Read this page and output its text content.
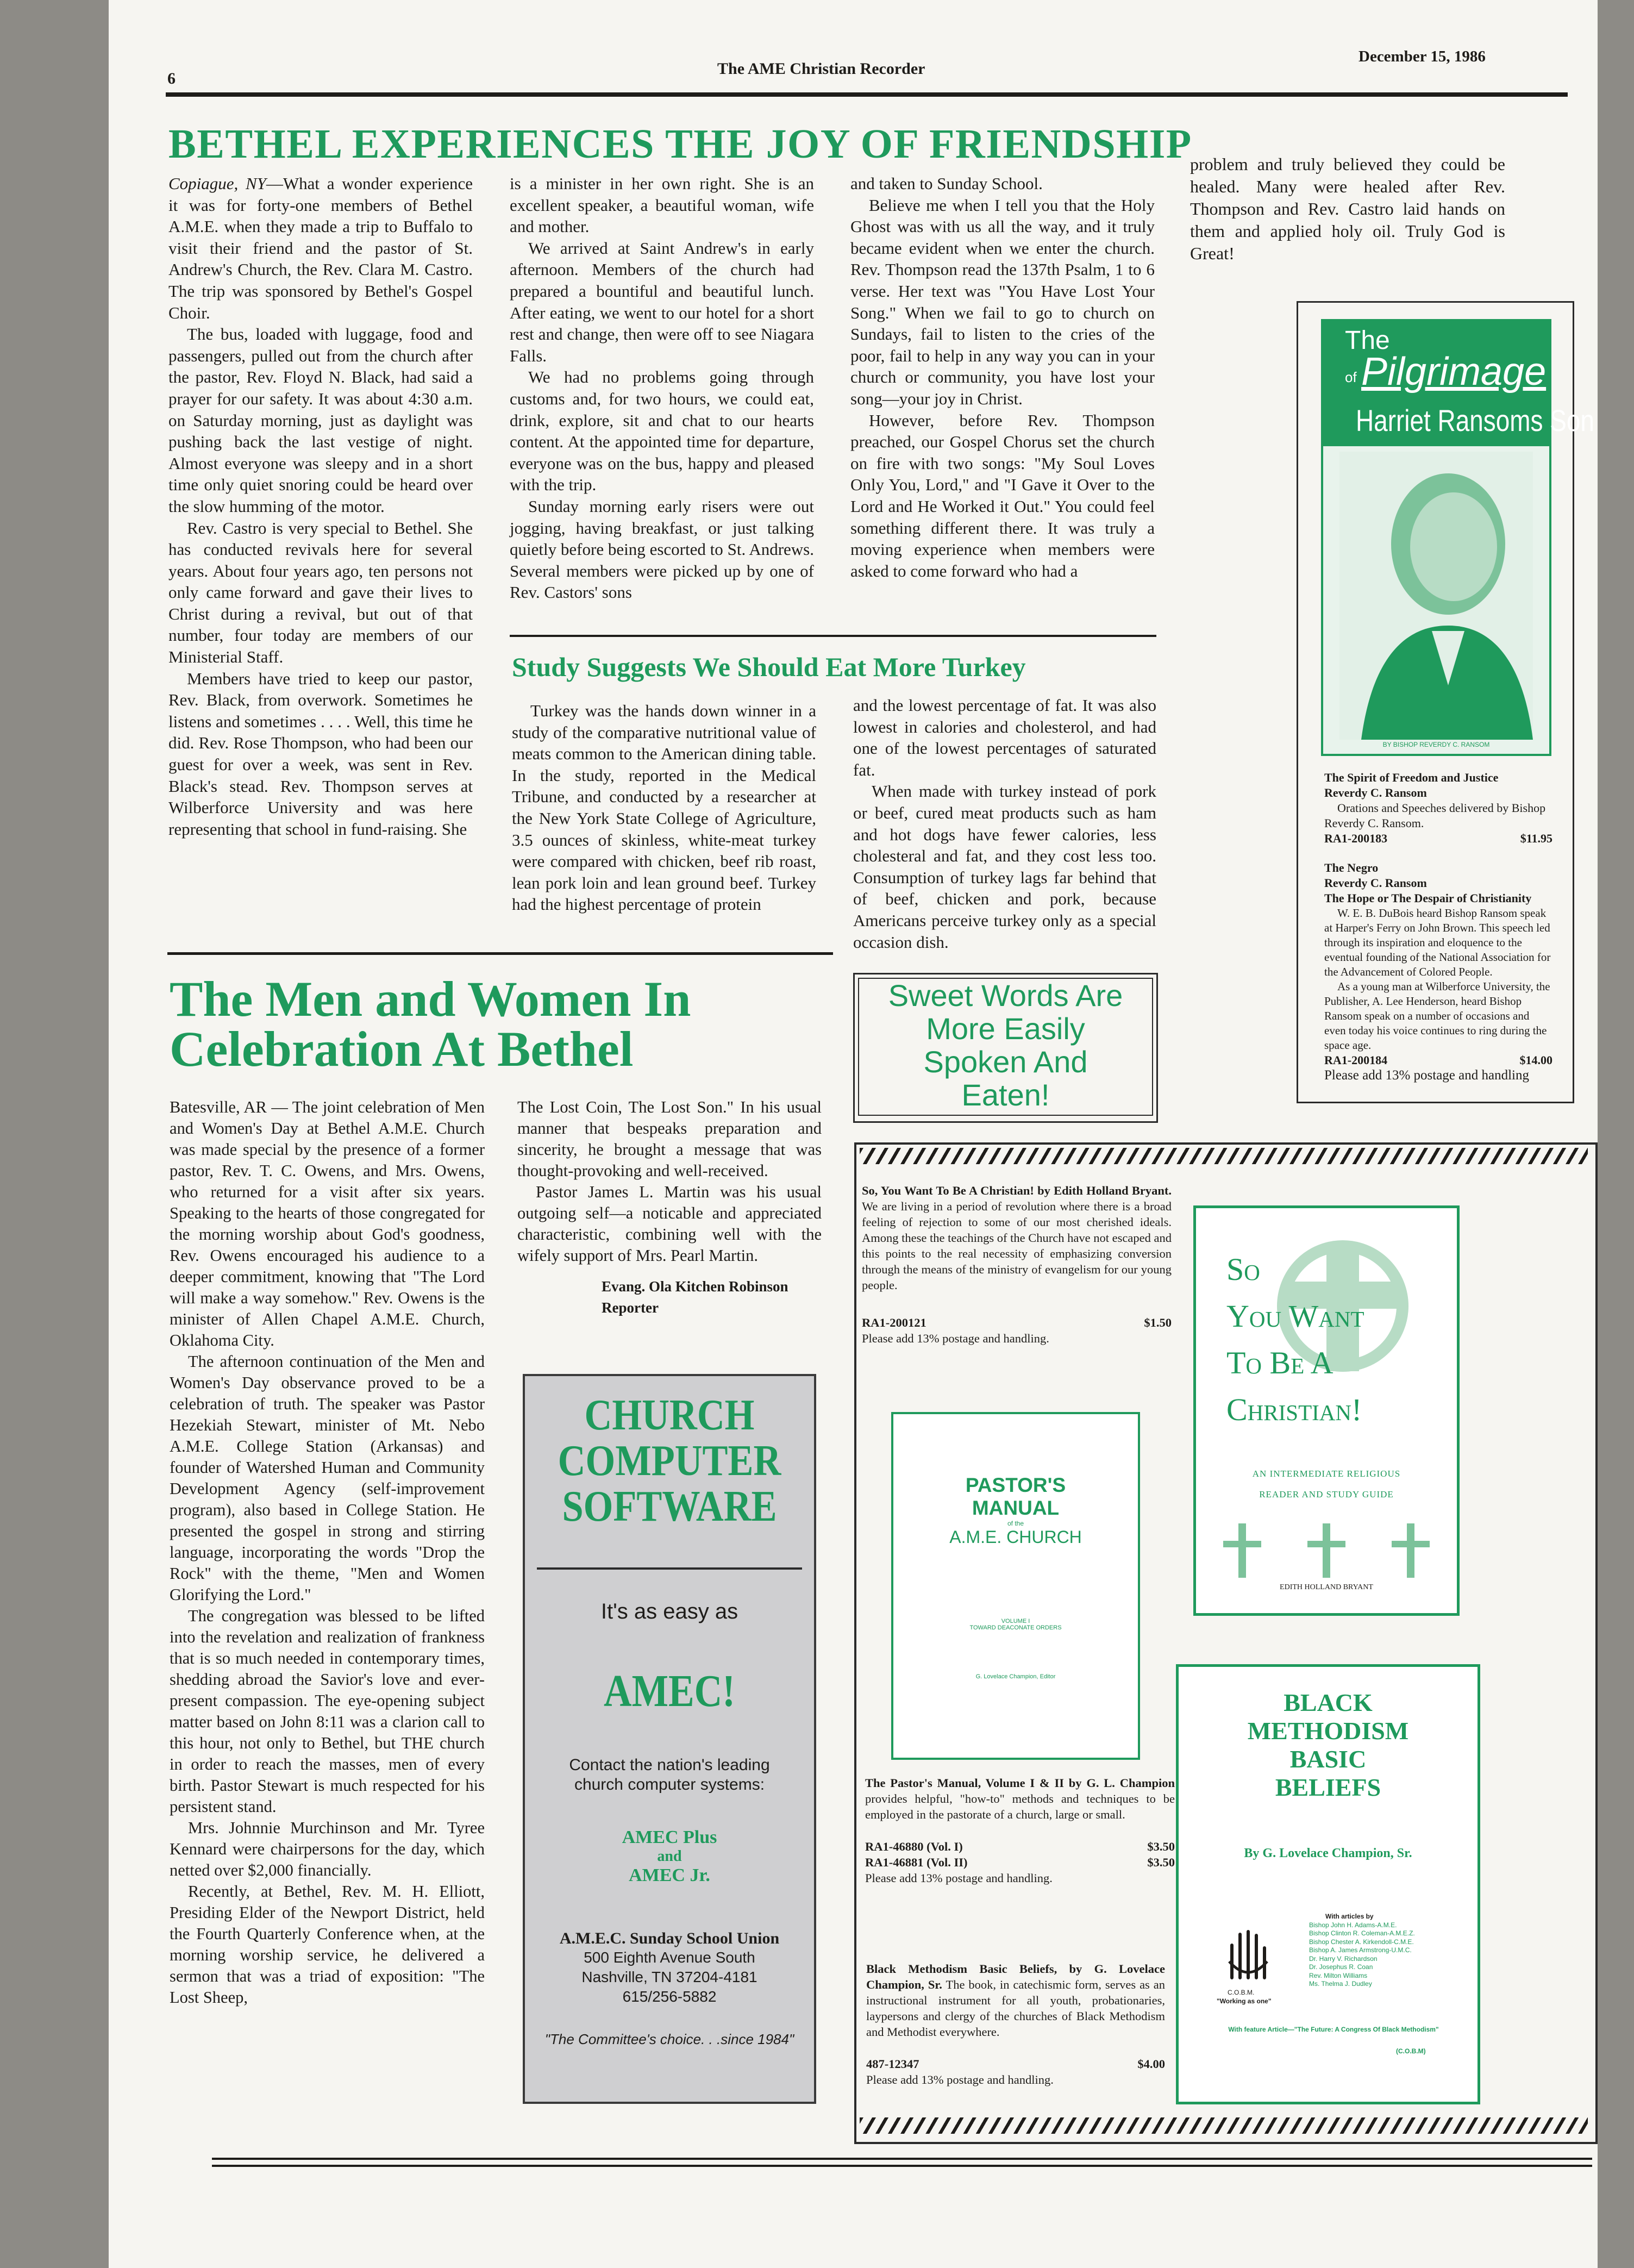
6
The AME Christian Recorder
December 15, 1986
BETHEL EXPERIENCES THE JOY OF FRIENDSHIP

Copiague, NY—What a wonder experience it was for forty-one members of Bethel A.M.E. when they made a trip to Buffalo to visit their friend and the pastor of St. Andrew's Church, the Rev. Clara M. Castro. The trip was sponsored by Bethel's Gospel Choir.

The bus, loaded with luggage, food and passengers, pulled out from the church after the pastor, Rev. Floyd N. Black, had said a prayer for our safety. It was about 4:30 a.m. on Saturday morning, just as daylight was pushing back the last vestige of night. Almost everyone was sleepy and in a short time only quiet snoring could be heard over the slow humming of the motor.

Rev. Castro is very special to Bethel. She has conducted revivals here for several years. About four years ago, ten persons not only came forward and gave their lives to Christ during a revival, but out of that number, four today are members of our Ministerial Staff.

Members have tried to keep our pastor, Rev. Black, from overwork. Sometimes he listens and sometimes . . . . Well, this time he did. Rev. Rose Thompson, who had been our guest for over a week, was sent in Rev. Black's stead. Rev. Thompson serves at Wilberforce University and was here representing that school in fund-raising. She

is a minister in her own right. She is an excellent speaker, a beautiful woman, wife and mother.

We arrived at Saint Andrew's in early afternoon. Members of the church had prepared a bountiful and beautiful lunch. After eating, we went to our hotel for a short rest and change, then were off to see Niagara Falls.

We had no problems going through customs and, for two hours, we could eat, drink, explore, sit and chat to our hearts content. At the appointed time for departure, everyone was on the bus, happy and pleased with the trip.

Sunday morning early risers were out jogging, having breakfast, or just talking quietly before being escorted to St. Andrews. Several members were picked up by one of Rev. Castors' sons

and taken to Sunday School.

Believe me when I tell you that the Holy Ghost was with us all the way, and it truly became evident when we enter the church. Rev. Thompson read the 137th Psalm, 1 to 6 verse. Her text was "You Have Lost Your Song." When we fail to go to church on Sundays, fail to listen to the cries of the poor, fail to help in any way you can in your church or community, you have lost your song—your joy in Christ.

However, before Rev. Thompson preached, our Gospel Chorus set the church on fire with two songs: "My Soul Loves Only You, Lord," and "I Gave it Over to the Lord and He Worked it Out." You could feel something different there. It was truly a moving experience when members were asked to come forward who had a

problem and truly believed they could be healed. Many were healed after Rev. Thompson and Rev. Castro laid hands on them and applied holy oil. Truly God is Great!

Study Suggests We Should Eat More Turkey

Turkey was the hands down winner in a study of the comparative nutritional value of meats common to the American dining table. In the study, reported in the Medical Tribune, and conducted by a researcher at the New York State College of Agriculture, 3.5 ounces of skinless, white-meat turkey were compared with chicken, beef rib roast, lean pork loin and lean ground beef. Turkey had the highest percentage of protein

and the lowest percentage of fat. It was also lowest in calories and cholesterol, and had one of the lowest percentages of saturated fat.

When made with turkey instead of pork or beef, cured meat products such as ham and hot dogs have fewer calories, less cholesteral and fat, and they cost less too. Consumption of turkey lags far behind that of beef, chicken and pork, because Americans perceive turkey only as a special occasion dish.

Sweet Words Are
More Easily
Spoken And
Eaten!
The Men and Women In
Celebration At Bethel

Batesville, AR — The joint celebration of Men and Women's Day at Bethel A.M.E. Church was made special by the presence of a former pastor, Rev. T. C. Owens, and Mrs. Owens, who returned for a visit after six years. Speaking to the hearts of those congregated for the morning worship about God's goodness, Rev. Owens encouraged his audience to a deeper commitment, knowing that "The Lord will make a way somehow." Rev. Owens is the minister of Allen Chapel A.M.E. Church, Oklahoma City.

The afternoon continuation of the Men and Women's Day observance proved to be a celebration of truth. The speaker was Pastor Hezekiah Stewart, minister of Mt. Nebo A.M.E. College Station (Arkansas) and founder of Watershed Human and Community Development Agency (self-improvement program), also based in College Station. He presented the gospel in strong and stirring language, incorporating the words "Drop the Rock" with the theme, "Men and Women Glorifying the Lord."

The congregation was blessed to be lifted into the revelation and realization of frankness that is so much needed in contemporary times, shedding abroad the Savior's love and ever-present compassion. The eye-opening subject matter based on John 8:11 was a clarion call to this hour, not only to Bethel, but THE church in order to reach the masses, men of every birth. Pastor Stewart is much respected for his persistent stand.

Mrs. Johnnie Murchinson and Mr. Tyree Kennard were chairpersons for the day, which netted over $2,000 financially.

Recently, at Bethel, Rev. M. H. Elliott, Presiding Elder of the Newport District, held the Fourth Quarterly Conference when, at the morning worship service, he delivered a sermon that was a triad of exposition: "The Lost Sheep,

The Lost Coin, The Lost Son." In his usual manner that bespeaks preparation and sincerity, he brought a message that was thought-provoking and well-received.

Pastor James L. Martin was his usual outgoing self—a noticable and appreciated characteristic, combining well with the wifely support of Mrs. Pearl Martin.

Evang. Ola Kitchen Robinson
Reporter
CHURCH
COMPUTER
SOFTWARE
It's as easy as
AMEC!
Contact the nation's leading church computer systems:
AMEC Plus
and
AMEC Jr.
A.M.E.C. Sunday School Union
500 Eighth Avenue South
Nashville, TN 37204-4181
615/256-5882
"The Committee's choice. . .since 1984"
The
Pilgrimage
of
Harriet Ransoms Son
BY BISHOP REVERDY C. RANSOM
The Spirit of Freedom and Justice
Reverdy C. Ransom
Orations and Speeches delivered by Bishop Reverdy C. Ransom.
RA1-200183	$11.95
The Negro
Reverdy C. Ransom
The Hope or The Despair of Christianity
W. E. B. DuBois heard Bishop Ransom speak at Harper's Ferry on John Brown. This speech led through its inspiration and eloquence to the eventual founding of the National Association for the Advancement of Colored People.
As a young man at Wilberforce University, the Publisher, A. Lee Henderson, heard Bishop Ransom speak on a number of occasions and even today his voice continues to ring during the space age.
RA1-200184	$14.00
Please add 13% postage and handling
So, You Want To Be A Christian! by Edith Holland Bryant. We are living in a period of revolution where there is a broad feeling of rejection to some of our most cherished ideals. Among these the teachings of the Church have not escaped and this points to the real necessity of emphasizing conversion through the means of the ministry of evangelism for our young people.
RA1-200121	$1.50
Please add 13% postage and handling.
So
You Want
To Be A
Christian!
AN INTERMEDIATE RELIGIOUS
READER AND STUDY GUIDE
EDITH HOLLAND BRYANT
PASTOR'S
MANUAL
of the
A.M.E. CHURCH
VOLUME I
TOWARD DEACONATE ORDERS
G. Lovelace Champion, Editor
The Pastor's Manual, Volume I & II by G. L. Champion provides helpful, "how-to" methods and techniques to be employed in the pastorate of a church, large or small.
RA1-46880 (Vol. I)	$3.50
RA1-46881 (Vol. II)	$3.50
Please add 13% postage and handling.
BLACK
METHODISM
BASIC
BELIEFS
By G. Lovelace Champion, Sr.
C.O.B.M.
"Working as one"
With articles by
Bishop John H. Adams-A.M.E.
Bishop Clinton R. Coleman-A.M.E.Z.
Bishop Chester A. Kirkendoll-C.M.E.
Bishop A. James Armstrong-U.M.C.
Dr. Harry V. Richardson
Dr. Josephus R. Coan
Rev. Milton Williams
Ms. Thelma J. Dudley
With feature Article—"The Future: A Congress Of Black Methodism"
(C.O.B.M)
Black Methodism Basic Beliefs, by G. Lovelace Champion, Sr. The book, in catechismic form, serves as an instructional instrument for all youth, probationaries, laypersons and clergy of the churches of Black Methodism and Methodist everywhere.
487-12347	$4.00
Please add 13% postage and handling.
